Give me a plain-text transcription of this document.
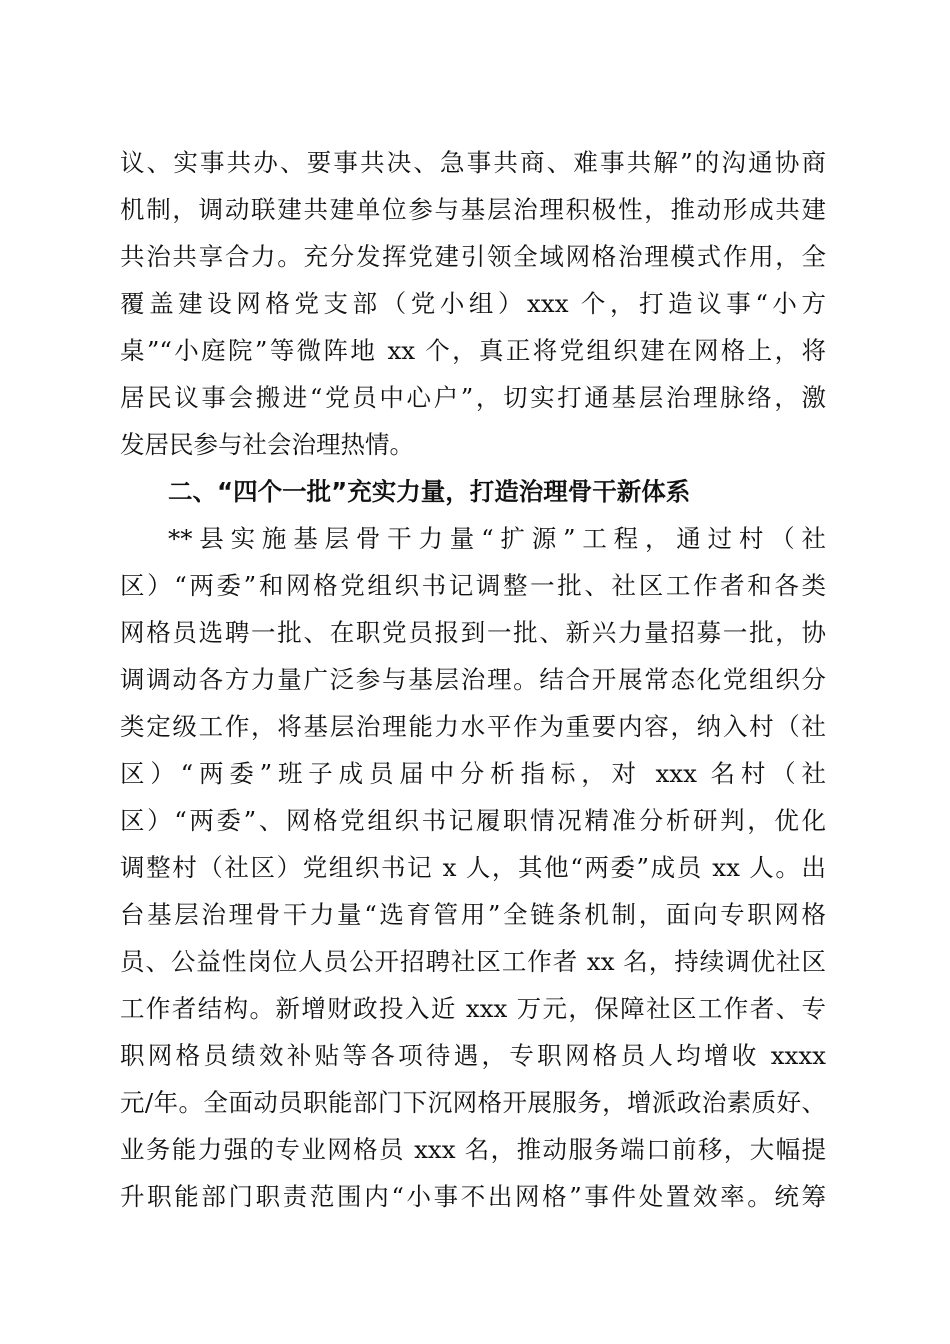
议、实事共办、要事共决、急事共商、难事共解”的沟通协商
机制，调动联建共建单位参与基层治理积极性，推动形成共建
共治共享合力。充分发挥党建引领全域网格治理模式作用，全
覆盖建设网格党支部（党小组）xxx 个，打造议事“小方
桌”“小庭院”等微阵地 xx 个，真正将党组织建在网格上，将
居民议事会搬进“党员中心户”，切实打通基层治理脉络，激
发居民参与社会治理热情。
二、“四个一批”充实力量，打造治理骨干新体系
**县实施基层骨干力量“扩源”工程，通过村（社
区）“两委”和网格党组织书记调整一批、社区工作者和各类
网格员选聘一批、在职党员报到一批、新兴力量招募一批，协
调调动各方力量广泛参与基层治理。结合开展常态化党组织分
类定级工作，将基层治理能力水平作为重要内容，纳入村（社
区）“两委”班子成员届中分析指标，对 xxx 名村（社
区）“两委”、网格党组织书记履职情况精准分析研判，优化
调整村（社区）党组织书记 x 人，其他“两委”成员 xx 人。出
台基层治理骨干力量“选育管用”全链条机制，面向专职网格
员、公益性岗位人员公开招聘社区工作者 xx 名，持续调优社区
工作者结构。新增财政投入近 xxx 万元，保障社区工作者、专
职网格员绩效补贴等各项待遇，专职网格员人均增收 xxxx
元/年。全面动员职能部门下沉网格开展服务，增派政治素质好、
业务能力强的专业网格员 xxx 名，推动服务端口前移，大幅提
升职能部门职责范围内“小事不出网格”事件处置效率。统筹
